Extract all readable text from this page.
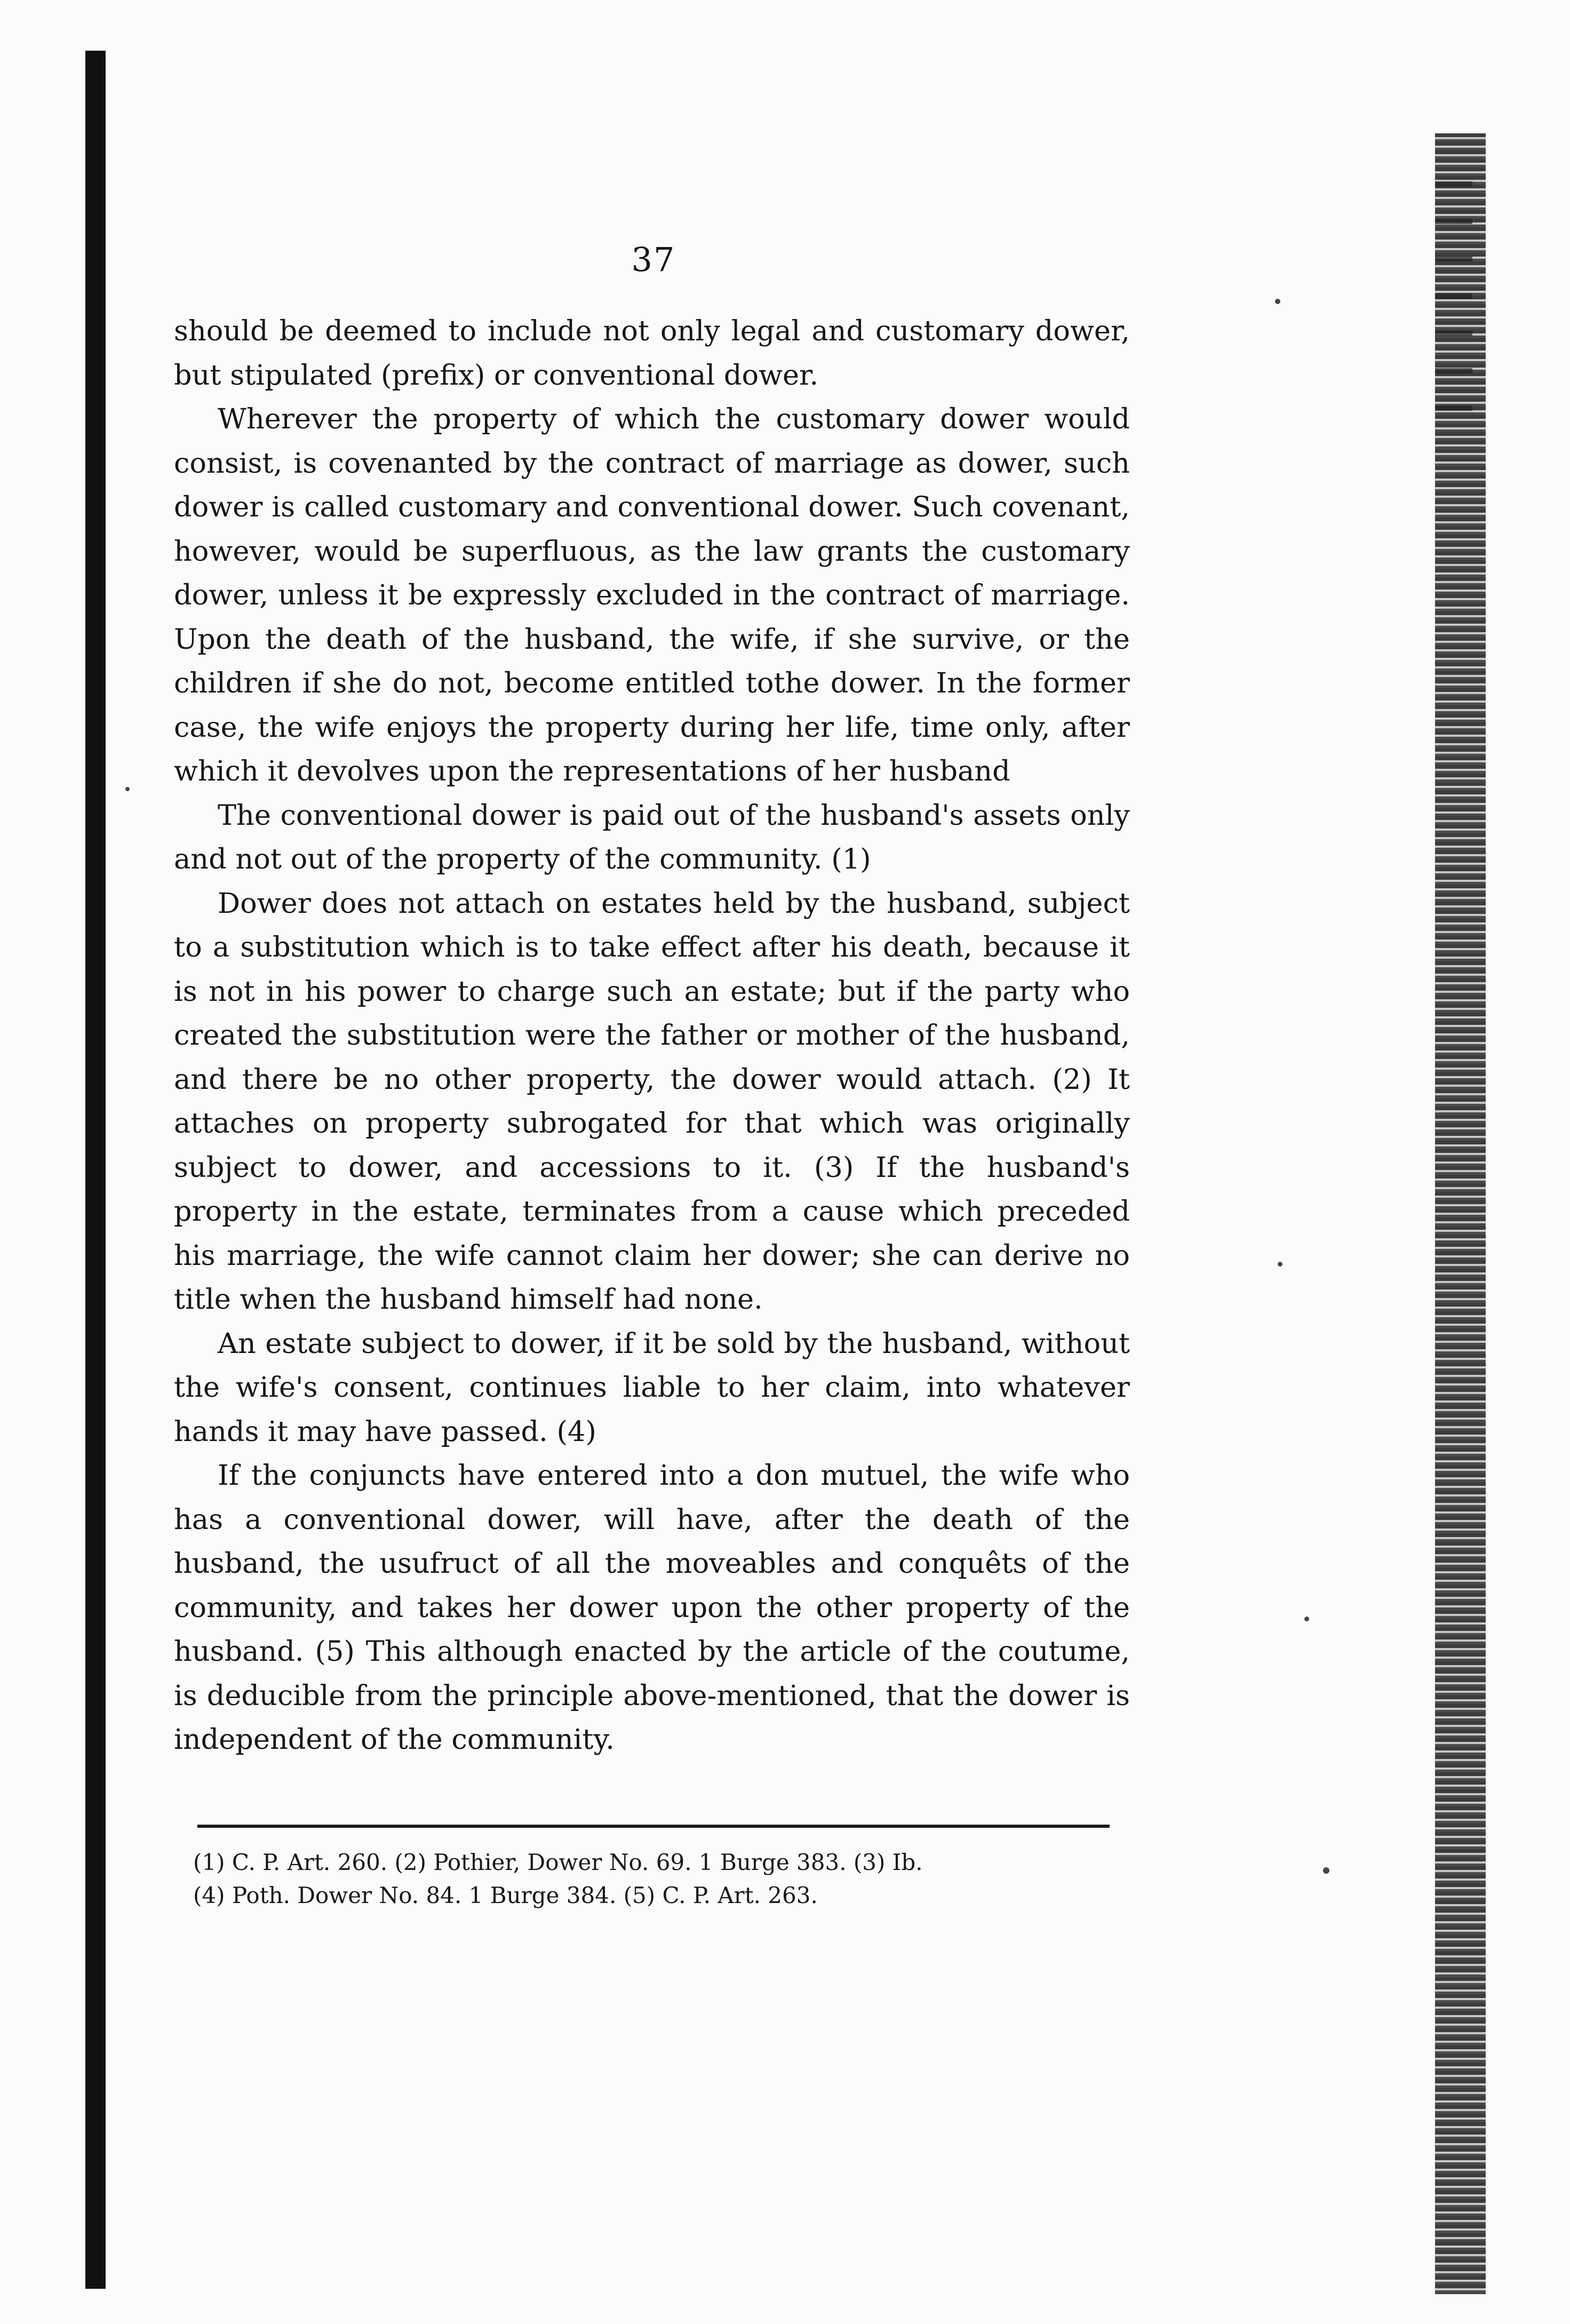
37

should be deemed to include not only legal and customary dower, but stipulated (prefix) or conventional dower.

Wherever the property of which the customary dower would consist, is covenanted by the contract of marriage as dower, such dower is called customary and conventional dower. Such covenant, however, would be superfluous, as the law grants the customary dower, unless it be expressly excluded in the contract of marriage. Upon the death of the husband, the wife, if she survive, or the children if she do not, become entitled tothe dower. In the former case, the wife enjoys the property during her life, time only, after which it devolves upon the representations of her husband

The conventional dower is paid out of the husband's assets only and not out of the property of the community. (1)

Dower does not attach on estates held by the husband, subject to a substitution which is to take effect after his death, because it is not in his power to charge such an estate; but if the party who created the substitution were the father or mother of the husband, and there be no other property, the dower would attach. (2) It attaches on property subrogated for that which was originally subject to dower, and accessions to it. (3) If the husband's property in the estate, terminates from a cause which preceded his marriage, the wife cannot claim her dower; she can derive no title when the husband himself had none.

An estate subject to dower, if it be sold by the husband, without the wife's consent, continues liable to her claim, into whatever hands it may have passed. (4)

If the conjuncts have entered into a don mutuel, the wife who has a conventional dower, will have, after the death of the husband, the usufruct of all the moveables and conquêts of the community, and takes her dower upon the other property of the husband. (5) This although enacted by the article of the coutume, is deducible from the principle above-mentioned, that the dower is independent of the community.

(1) C. P. Art. 260. (2) Pothier, Dower No. 69. 1 Burge 383. (3) Ib.

(4) Poth. Dower No. 84. 1 Burge 384. (5) C. P. Art. 263.
